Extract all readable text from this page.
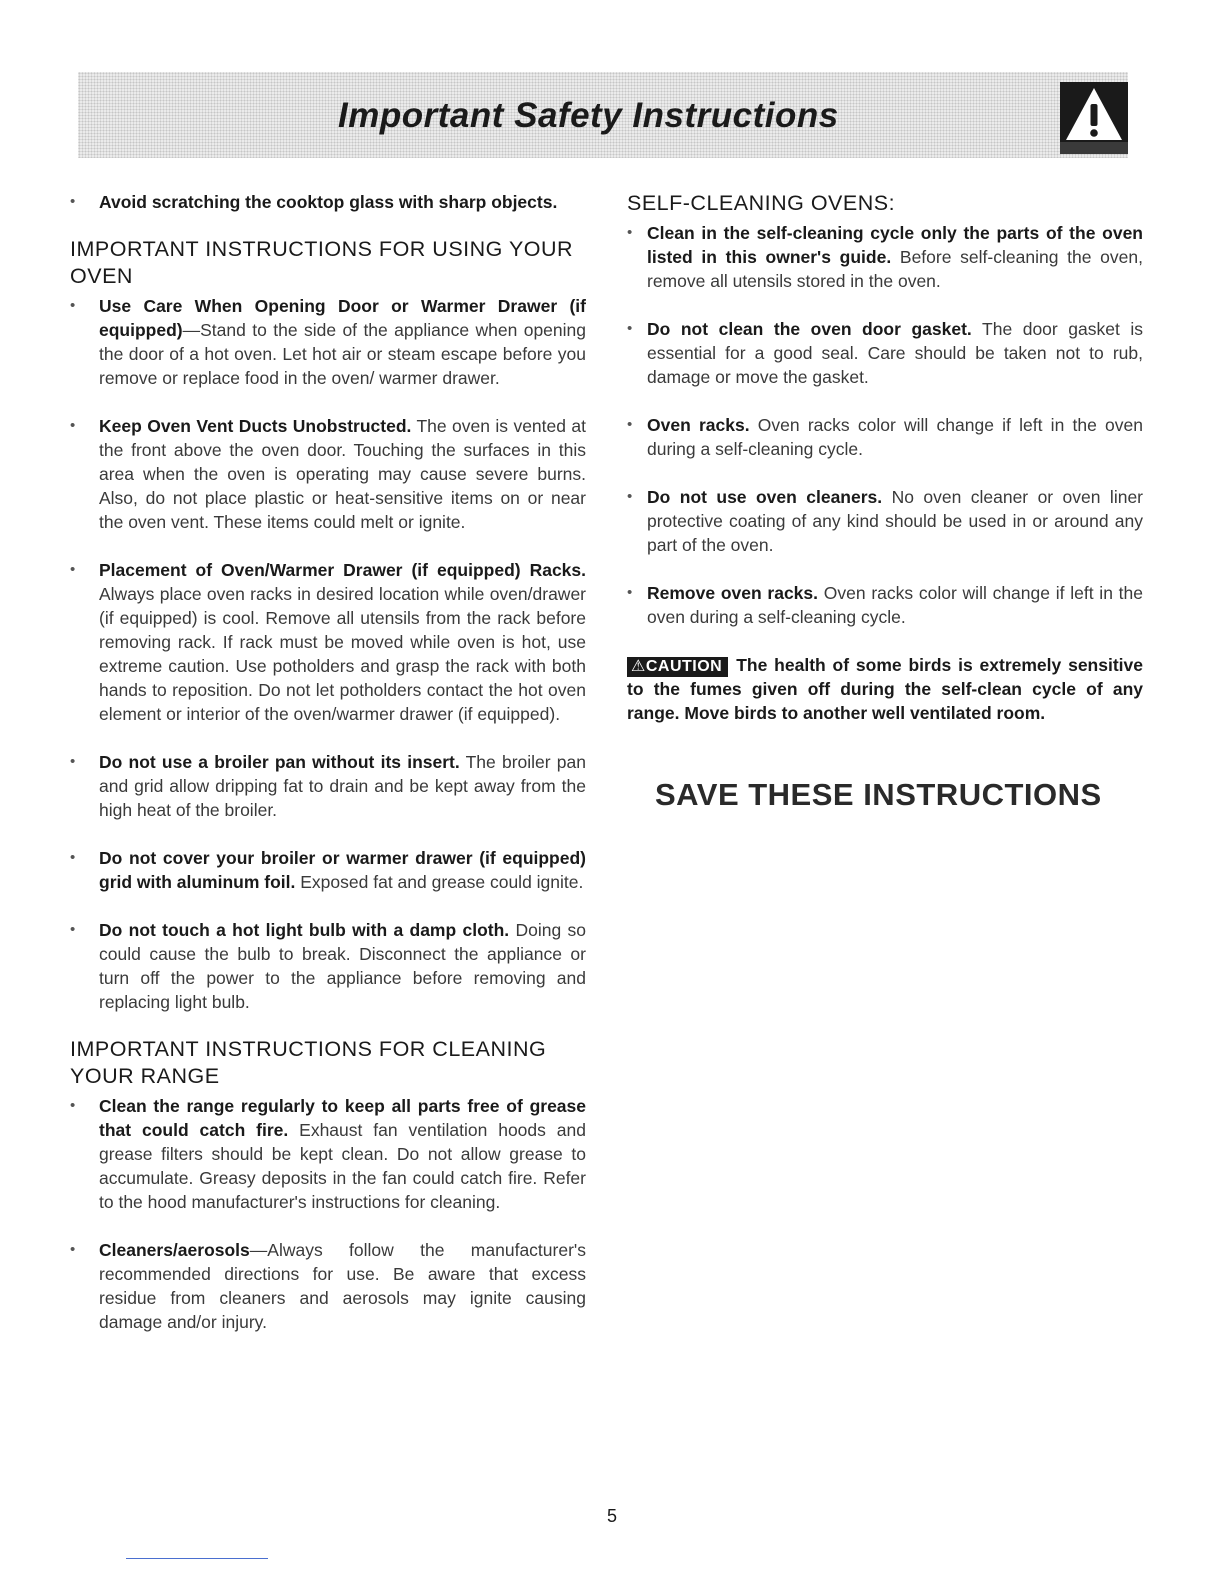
Important Safety Instructions

• Avoid scratching the cooktop glass with sharp objects.

IMPORTANT INSTRUCTIONS FOR USING YOUR OVEN

• Use Care When Opening Door or Warmer Drawer (if equipped)—Stand to the side of the appliance when opening the door of a hot oven. Let hot air or steam escape before you remove or replace food in the oven/ warmer drawer.

• Keep Oven Vent Ducts Unobstructed. The oven is vented at the front above the oven door. Touching the surfaces in this area when the oven is operating may cause severe burns. Also, do not place plastic or heat-sensitive items on or near the oven vent. These items could melt or ignite.

• Placement of Oven/Warmer Drawer (if equipped) Racks. Always place oven racks in desired location while oven/drawer (if equipped) is cool. Remove all utensils from the rack before removing rack. If rack must be moved while oven is hot, use extreme caution. Use potholders and grasp the rack with both hands to reposition. Do not let potholders contact the hot oven element or interior of the oven/warmer drawer (if equipped).

• Do not use a broiler pan without its insert. The broiler pan and grid allow dripping fat to drain and be kept away from the high heat of the broiler.

• Do not cover your broiler or warmer drawer (if equipped) grid with aluminum foil. Exposed fat and grease could ignite.

• Do not touch a hot light bulb with a damp cloth. Doing so could cause the bulb to break. Disconnect the appliance or turn off the power to the appliance before removing and replacing light bulb.

IMPORTANT INSTRUCTIONS FOR CLEANING YOUR RANGE

• Clean the range regularly to keep all parts free of grease that could catch fire. Exhaust fan ventilation hoods and grease filters should be kept clean. Do not allow grease to accumulate. Greasy deposits in the fan could catch fire. Refer to the hood manufacturer's instructions for cleaning.

• Cleaners/aerosols—Always follow the manufacturer's recommended directions for use. Be aware that excess residue from cleaners and aerosols may ignite causing damage and/or injury.

SELF-CLEANING OVENS:

• Clean in the self-cleaning cycle only the parts of the oven listed in this owner's guide. Before self-cleaning the oven, remove all utensils stored in the oven.

• Do not clean the oven door gasket. The door gasket is essential for a good seal. Care should be taken not to rub, damage or move the gasket.

• Oven racks. Oven racks color will change if left in the oven during a self-cleaning cycle.

• Do not use oven cleaners. No oven cleaner or oven liner protective coating of any kind should be used in or around any part of the oven.

• Remove oven racks. Oven racks color will change if left in the oven during a self-cleaning cycle.

⚠CAUTION The health of some birds is extremely sensitive to the fumes given off during the self-clean cycle of any range. Move birds to another well ventilated room.

SAVE THESE INSTRUCTIONS
5
